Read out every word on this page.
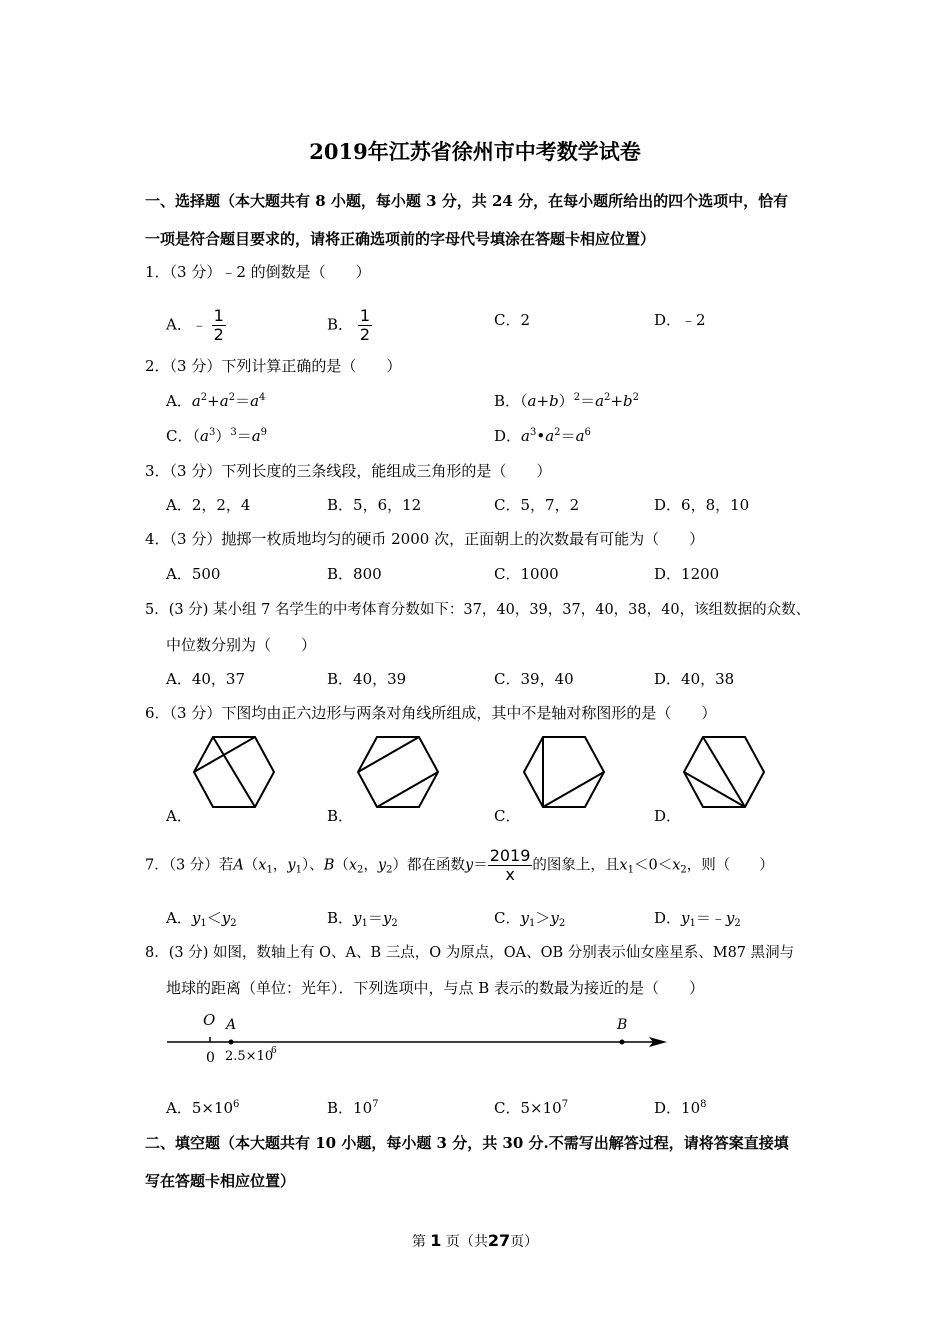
2019年江苏省徐州市中考数学试卷
一、选择题（本大题共有 8 小题，每小题 3 分，共 24 分，在每小题所给出的四个选项中，恰有
一项是符合题目要求的，请将正确选项前的字母代号填涂在答题卡相应位置）
1．（3 分）﹣2 的倒数是（　　）
A．﹣ $\frac{1}{2}$	B． $\frac{1}{2}$	C．2	D．﹣2
2．（3 分）下列计算正确的是（　　）
A．$a^2+a^2=a^4$	B．$(a+b)^2=a^2+b^2$
C．$(a^3)^3=a^9$	D．$a^3•a^2=a^6$
3．（3 分）下列长度的三条线段，能组成三角形的是（　　）
A．2，2，4	B．5，6，12	C．5，7，2	D．6，8，10
4．（3 分）抛掷一枚质地均匀的硬币 2000 次，正面朝上的次数最有可能为（　　）
A．500	B．800	C．1000	D．1200
5．(3 分) 某小组 7 名学生的中考体育分数如下：37，40，39，37，40，38，40，该组数据的众数、
中位数分别为（　　）
A．40，37	B．40，39	C．39，40	D．40，38
6．（3 分）下图均由正六边形与两条对角线所组成，其中不是轴对称图形的是（　　）
A．	B．	C．	D．
7．（3 分）若$A(x_1$，$y_1$）、$B(x_2$，$y_2$）都在函数$y= \frac{2019}{x}$ 的图象上，且$x_1<0<x_2$，则（　　）
A．$y_1<y_2$	B．$y_1=y_2$	C．$y_1>y_2$	D．$y_1=﹣y_2$
8．(3 分) 如图，数轴上有 O、A、B 三点，O 为原点，OA、OB 分别表示仙女座星系、M87 黑洞与
地球的距离（单位：光年）．下列选项中，与点 B 表示的数最为接近的是（　　）
O A	B
0 2.5×10
6
A．$5\times 10^6$	B．$10^7$	C．$5\times 10^7$	D．$10^8$
二、填空题（本大题共有 10 小题，每小题 3 分，共 30 分.不需写出解答过程，请将答案直接填
写在答题卡相应位置）
第 1 页（共27页）
